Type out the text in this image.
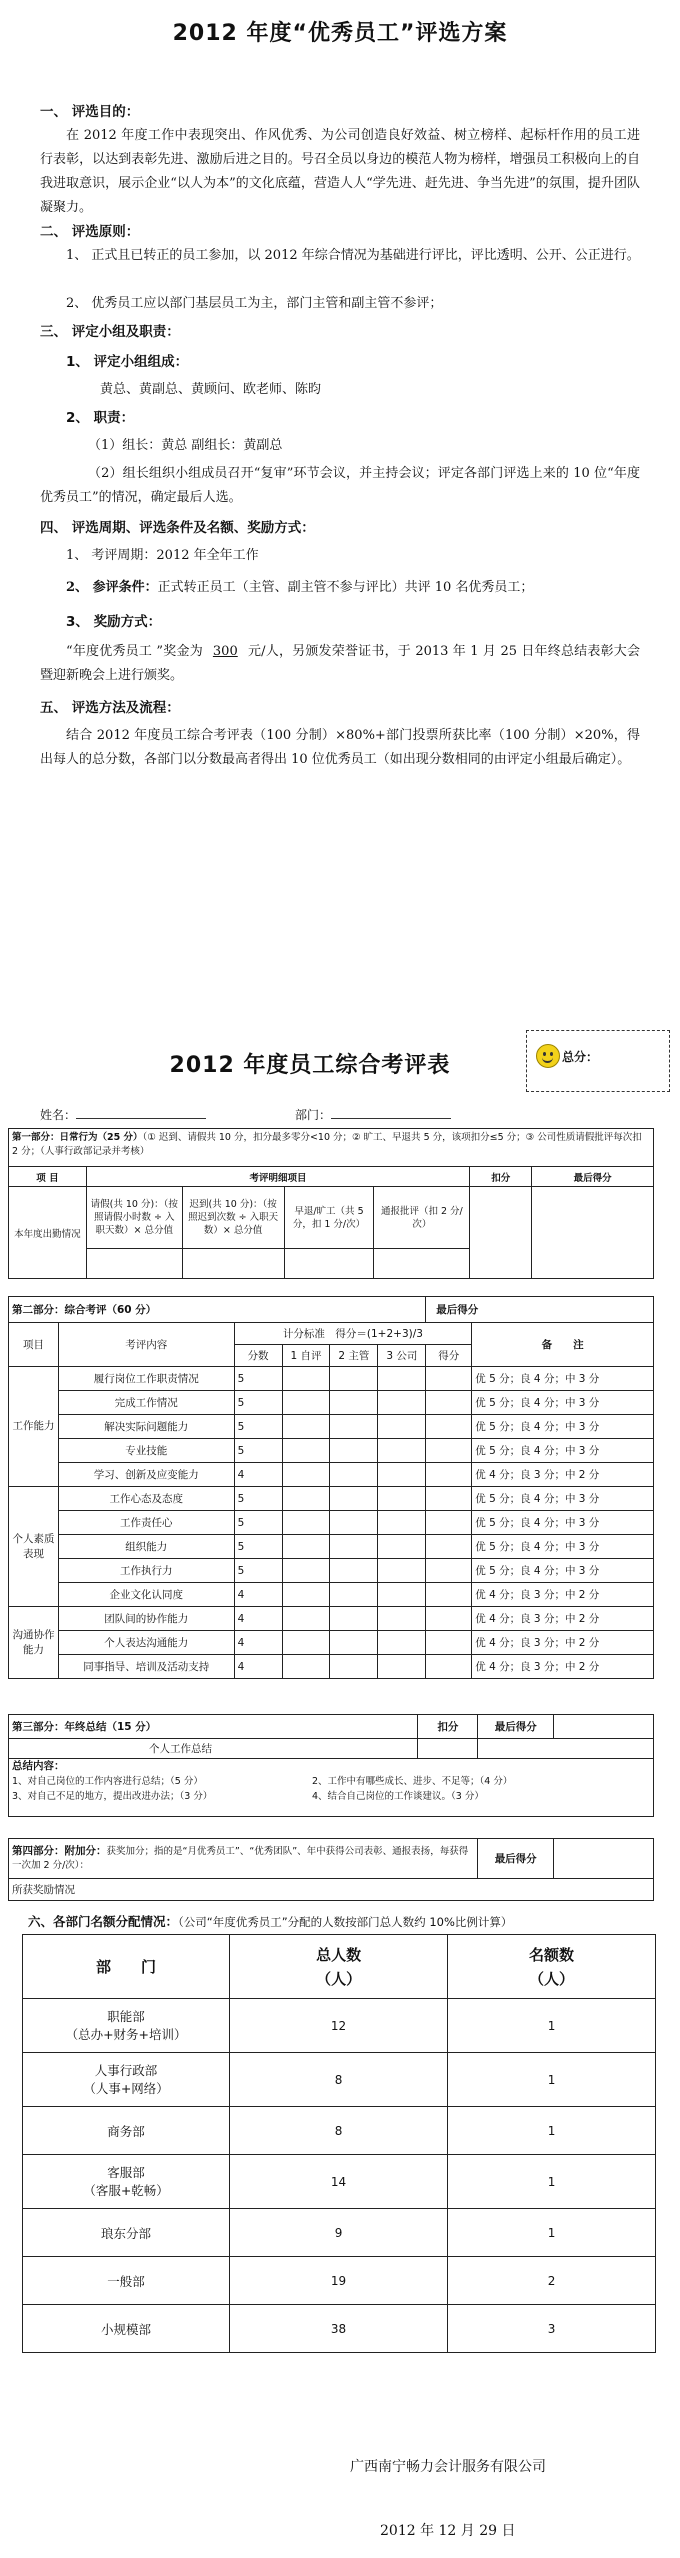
2012 年度“优秀员工”评选方案
一、 评选目的：
在 2012 年度工作中表现突出、作风优秀、为公司创造良好效益、树立榜样、起标杆作用的员工进行表彰，以达到表彰先进、激励后进之目的。号召全员以身边的模范人物为榜样，增强员工积极向上的自我进取意识，展示企业“以人为本”的文化底蕴，营造人人“学先进、赶先进、争当先进”的氛围，提升团队凝聚力。
二、 评选原则：
1、 正式且已转正的员工参加，以 2012 年综合情况为基础进行评比，评比透明、公开、公正进行。
2、 优秀员工应以部门基层员工为主，部门主管和副主管不参评；
三、 评定小组及职责：
1、 评定小组组成：
黄总、黄副总、黄顾问、欧老师、陈昀
2、 职责：
（1）组长：黄总 副组长：黄副总
（2）组长组织小组成员召开“复审”环节会议，并主持会议；评定各部门评选上来的 10 位“年度优秀员工”的情况，确定最后人选。
四、 评选周期、评选条件及名额、奖励方式：
1、 考评周期：2012 年全年工作
2、 参评条件：正式转正员工（主管、副主管不参与评比）共评 10 名优秀员工；
3、 奖励方式：
“年度优秀员工 ”奖金为 300 元/人，另颁发荣誉证书，于 2013 年 1 月 25 日年终总结表彰大会暨迎新晚会上进行颁奖。
五、 评选方法及流程：
结合 2012 年度员工综合考评表（100 分制）×80%+部门投票所获比率（100 分制）×20%，得出每人的总分数，各部门以分数最高者得出 10 位优秀员工（如出现分数相同的由评定小组最后确定）。
2012 年度员工综合考评表	总分：
姓名：	部门：
第一部分：日常行为（25 分）（① 迟到、请假共 10 分，扣分最多零分<10 分；② 旷工、早退共 5 分，该项扣分≤5 分；③ 公司性质请假批评每次扣 2 分；（人事行政部记录并考核）						
项 目	考评明细项目				扣分	最后得分
本年度出勤情况	请假(共 10 分)：（按照请假小时数 ÷ 入职天数）× 总分值	迟到(共 10 分)：（按照迟到次数 ÷ 入职天数）× 总分值	早退/旷工（共 5 分，扣 1 分/次）	通报批评（扣 2 分/次）		

第二部分：综合考评（60 分）						最后得分	
项目	考评内容	计分标准　得分＝(1+2+3)/3					备　　注
		分数	1 自评	2 主管	3 公司	得分	
工作能力	履行岗位工作职责情况	5					优 5 分；良 4 分；中 3 分
	完成工作情况	5					优 5 分；良 4 分；中 3 分
	解决实际问题能力	5					优 5 分；良 4 分；中 3 分
	专业技能	5					优 5 分；良 4 分；中 3 分
	学习、创新及应变能力	4					优 4 分；良 3 分；中 2 分
个人素质表现	工作心态及态度	5					优 5 分；良 4 分；中 3 分
	工作责任心	5					优 5 分；良 4 分；中 3 分
	组织能力	5					优 5 分；良 4 分；中 3 分
	工作执行力	5					优 5 分；良 4 分；中 3 分
	企业文化认同度	4					优 4 分；良 3 分；中 2 分
沟通协作能力	团队间的协作能力	4					优 4 分；良 3 分；中 2 分
	个人表达沟通能力	4					优 4 分；良 3 分；中 2 分
	同事指导、培训及活动支持	4					优 4 分；良 3 分；中 2 分
第三部分：年终总结（15 分）	扣分	最后得分	
个人工作总结			

总结内容：
1、对自己岗位的工作内容进行总结；（5 分） 2、工作中有哪些成长、进步、不足等；（4 分）
3、对自己不足的地方，提出改进办法；（3 分） 4、结合自己岗位的工作谈建议。（3 分）			
第四部分：附加分：获奖加分；指的是“月优秀员工”、“优秀团队”、年中获得公司表彰、通报表扬，每获得一次加 2 分/次）：	最后得分	
所获奖励情况
六、各部门名额分配情况：（公司“年度优秀员工”分配的人数按部门总人数约 10%比例计算）
部　　门	总人数（人）	名额数（人）

职能部
（总办+财务+培训）	12	1

人事行政部
（人事+网络）	8	1
商务部	8	1

客服部
（客服+乾畅）	14	1
琅东分部	9	1
一般部	19	2
小规模部	38	3
广西南宁畅力会计服务有限公司
2012 年 12 月 29 日
